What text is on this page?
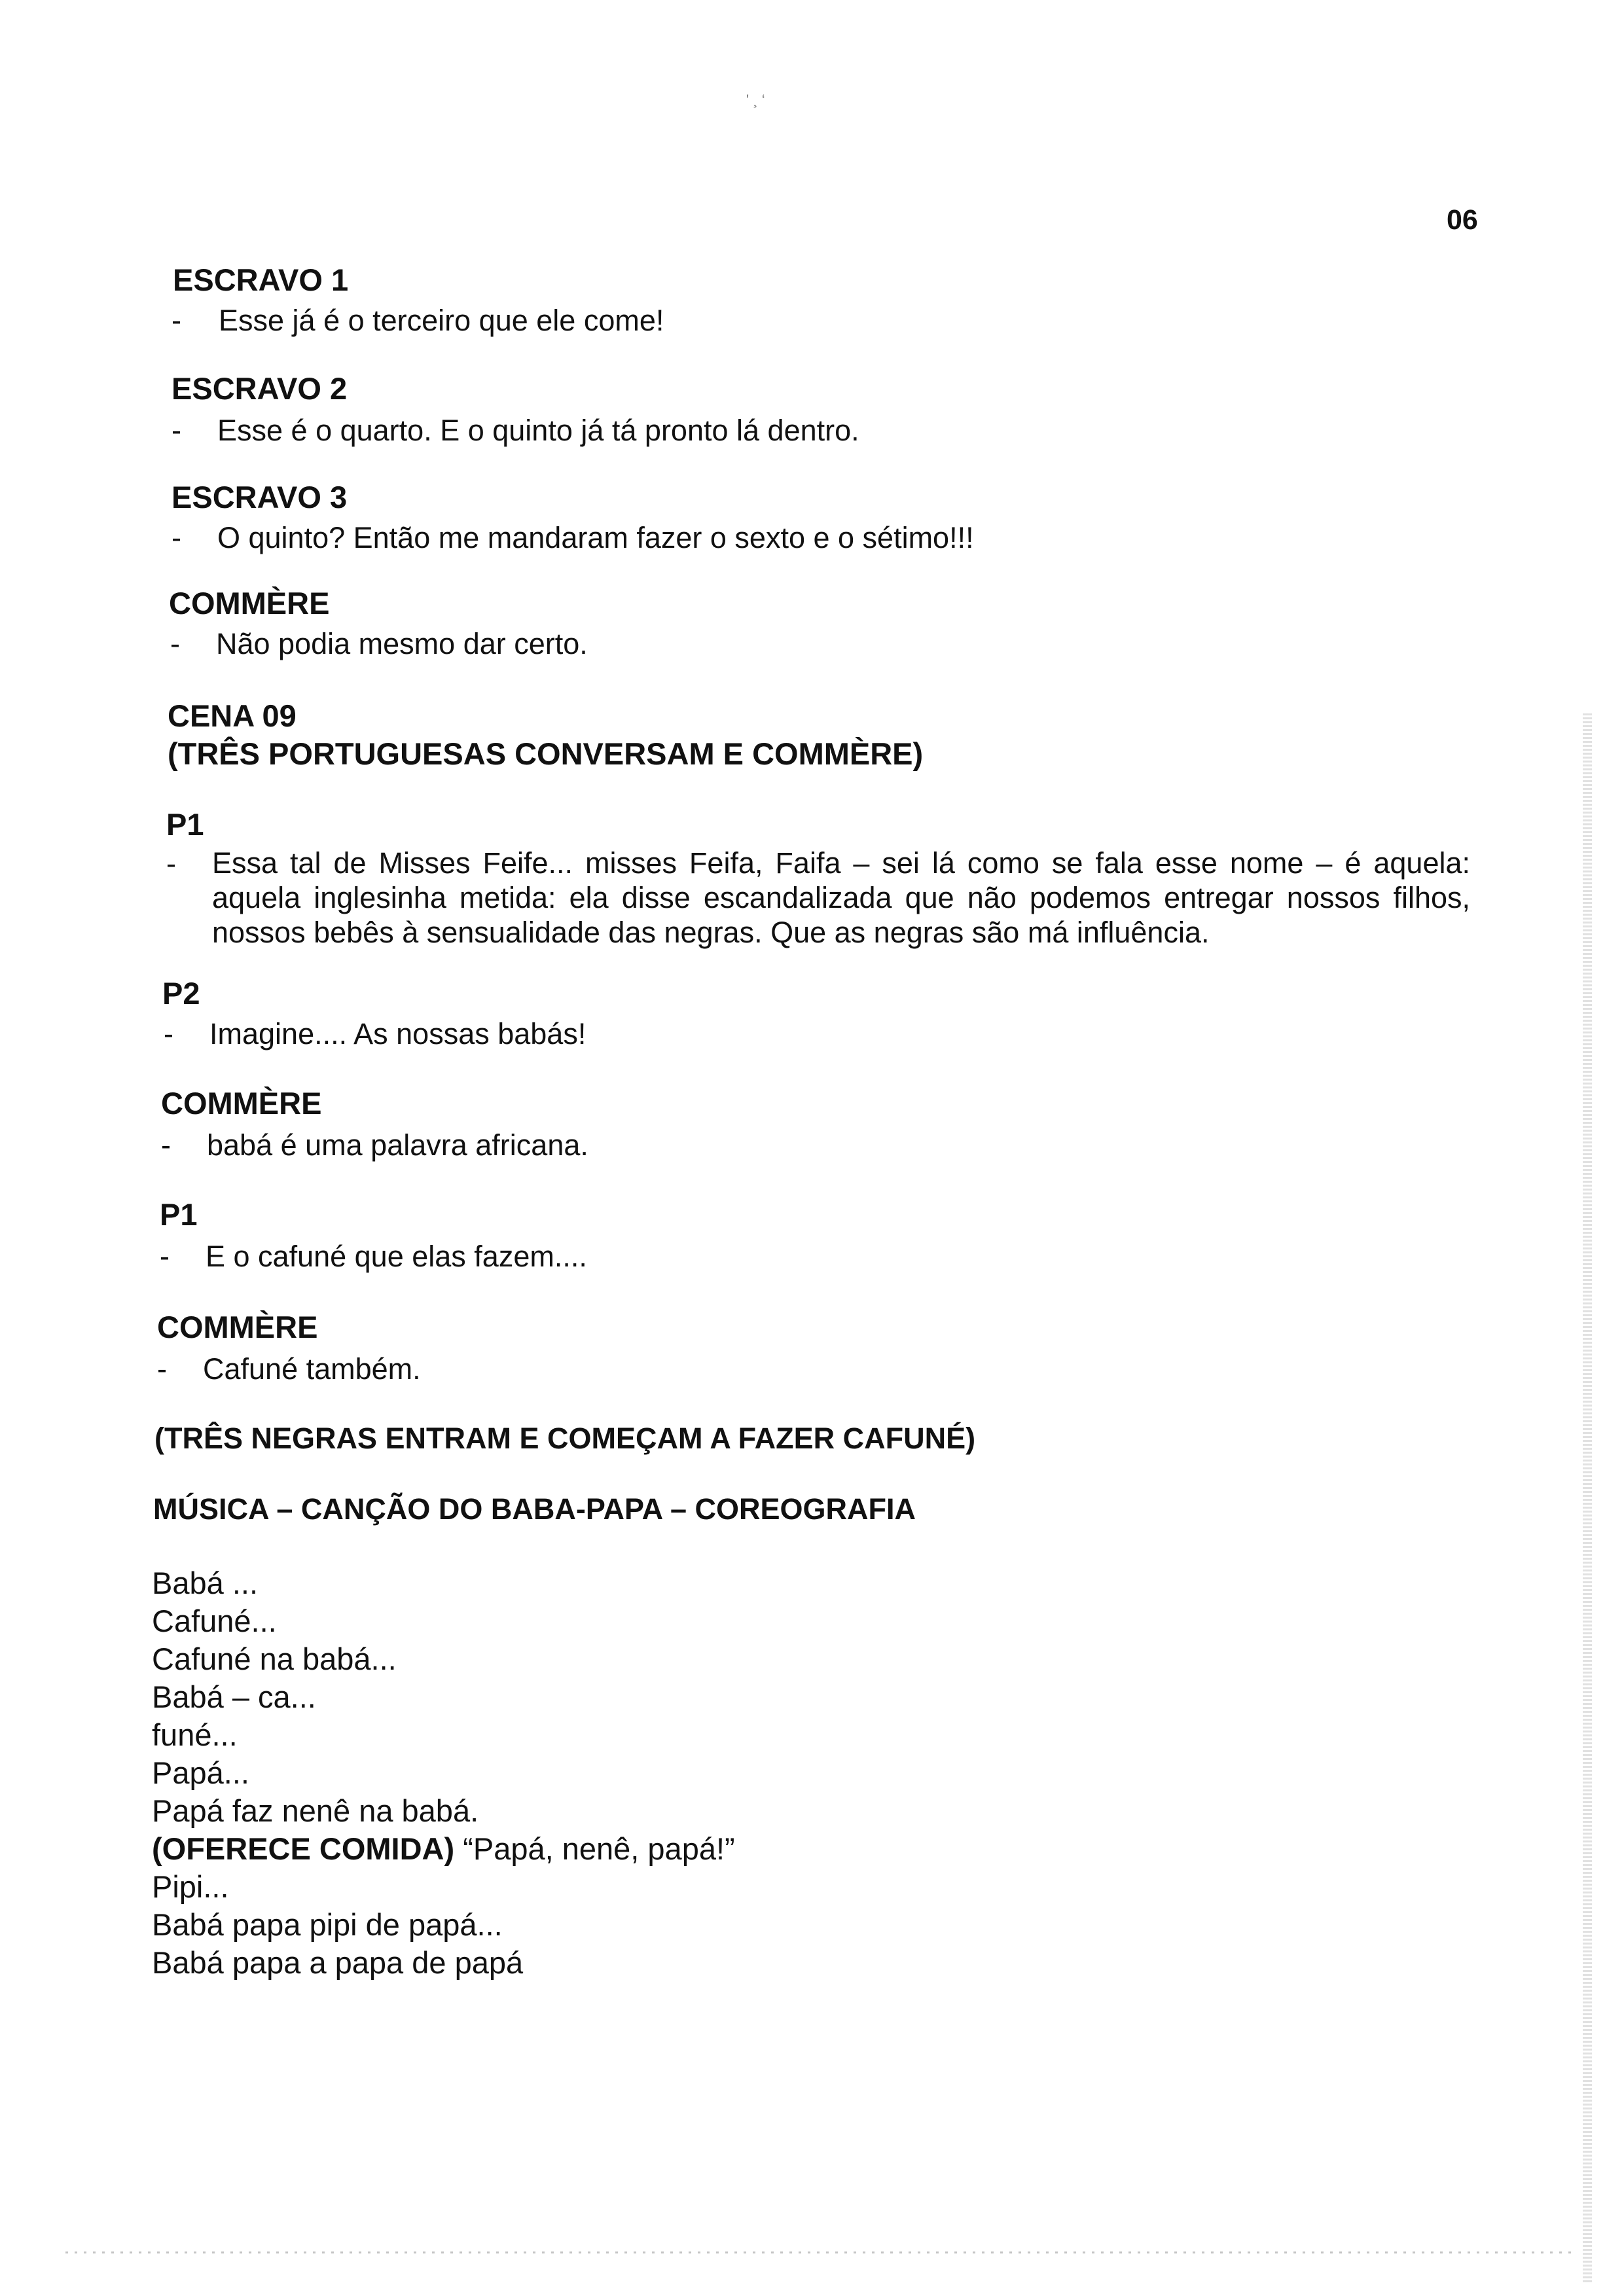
' ¸ ‘
06
ESCRAVO 1
- Esse já é o terceiro que ele come!
ESCRAVO 2
- Esse é o quarto. E o quinto já tá pronto lá dentro.
ESCRAVO 3
- O quinto? Então me mandaram fazer o sexto e o sétimo!!!
COMMÈRE
- Não podia mesmo dar certo.
CENA 09
(TRÊS PORTUGUESAS CONVERSAM E COMMÈRE)
P1
- Essa tal de Misses Feife... misses Feifa, Faifa – sei lá como se fala esse nome – é aquela: aquela inglesinha metida: ela disse escandalizada que não podemos entregar nossos filhos, nossos bebês à sensualidade das negras. Que as negras são má influência.
P2
- Imagine.... As nossas babás!
COMMÈRE
- babá é uma palavra africana.
P1
- E o cafuné que elas fazem....
COMMÈRE
- Cafuné também.
(TRÊS NEGRAS ENTRAM E COMEÇAM A FAZER CAFUNÉ)
MÚSICA – CANÇÃO DO BABA-PAPA – COREOGRAFIA
Babá ...
Cafuné...
Cafuné na babá...
Babá – ca...
funé...
Papá...
Papá faz nenê na babá.
(OFERECE COMIDA) “Papá, nenê, papá!”
Pipi...
Babá papa pipi de papá...
Babá papa a papa de papá
